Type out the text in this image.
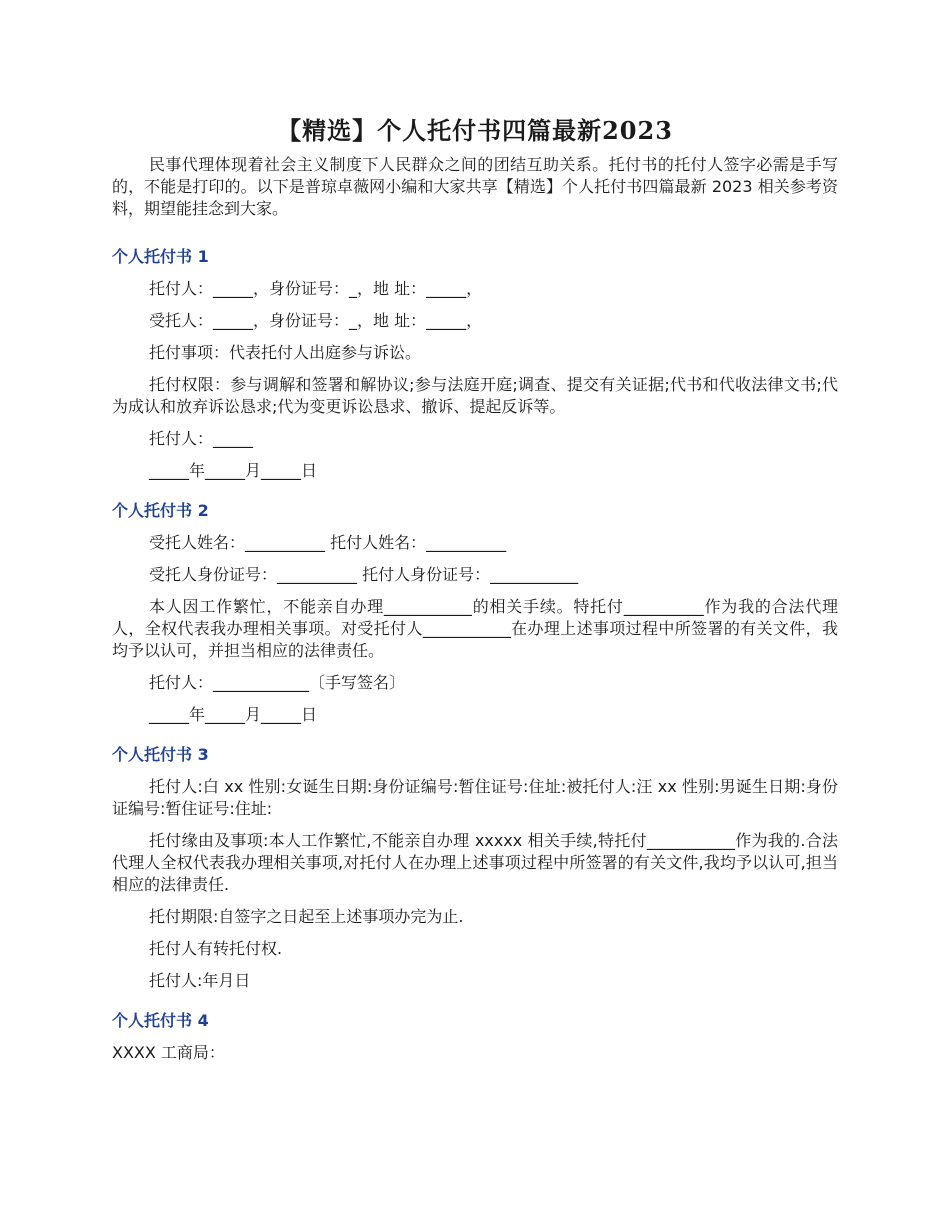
【精选】个人托付书四篇最新2023
民事代理体现着社会主义制度下人民群众之间的团结互助关系。托付书的托付人签字必需是手写的，不能是打印的。以下是普琼卓薇网小编和大家共享【精选】个人托付书四篇最新 2023 相关参考资料，期望能挂念到大家。
个人托付书 1
托付人：_____，身份证号：_，地 址：_____，
受托人：_____，身份证号：_，地 址：_____，
托付事项：代表托付人出庭参与诉讼。
托付权限：参与调解和签署和解协议;参与法庭开庭;调查、提交有关证据;代书和代收法律文书;代为成认和放弃诉讼恳求;代为变更诉讼恳求、撤诉、提起反诉等。
托付人：_____
_____年_____月_____日
个人托付书 2
受托人姓名：__________ 托付人姓名：__________
受托人身份证号：__________ 托付人身份证号：___________
本人因工作繁忙，不能亲自办理___________的相关手续。特托付__________作为我的合法代理人，全权代表我办理相关事项。对受托付人___________在办理上述事项过程中所签署的有关文件，我均予以认可，并担当相应的法律责任。
托付人：____________〔手写签名〕
_____年_____月_____日
个人托付书 3
托付人:白 xx 性别:女诞生日期:身份证编号:暂住证号:住址:被托付人:汪 xx 性别:男诞生日期:身份证编号:暂住证号:住址:
托付缘由及事项:本人工作繁忙,不能亲自办理 xxxxx 相关手续,特托付___________作为我的.合法代理人全权代表我办理相关事项,对托付人在办理上述事项过程中所签署的有关文件,我均予以认可,担当相应的法律责任.
托付期限:自签字之日起至上述事项办完为止.
托付人有转托付权.
托付人:年月日
个人托付书 4
XXXX 工商局：
